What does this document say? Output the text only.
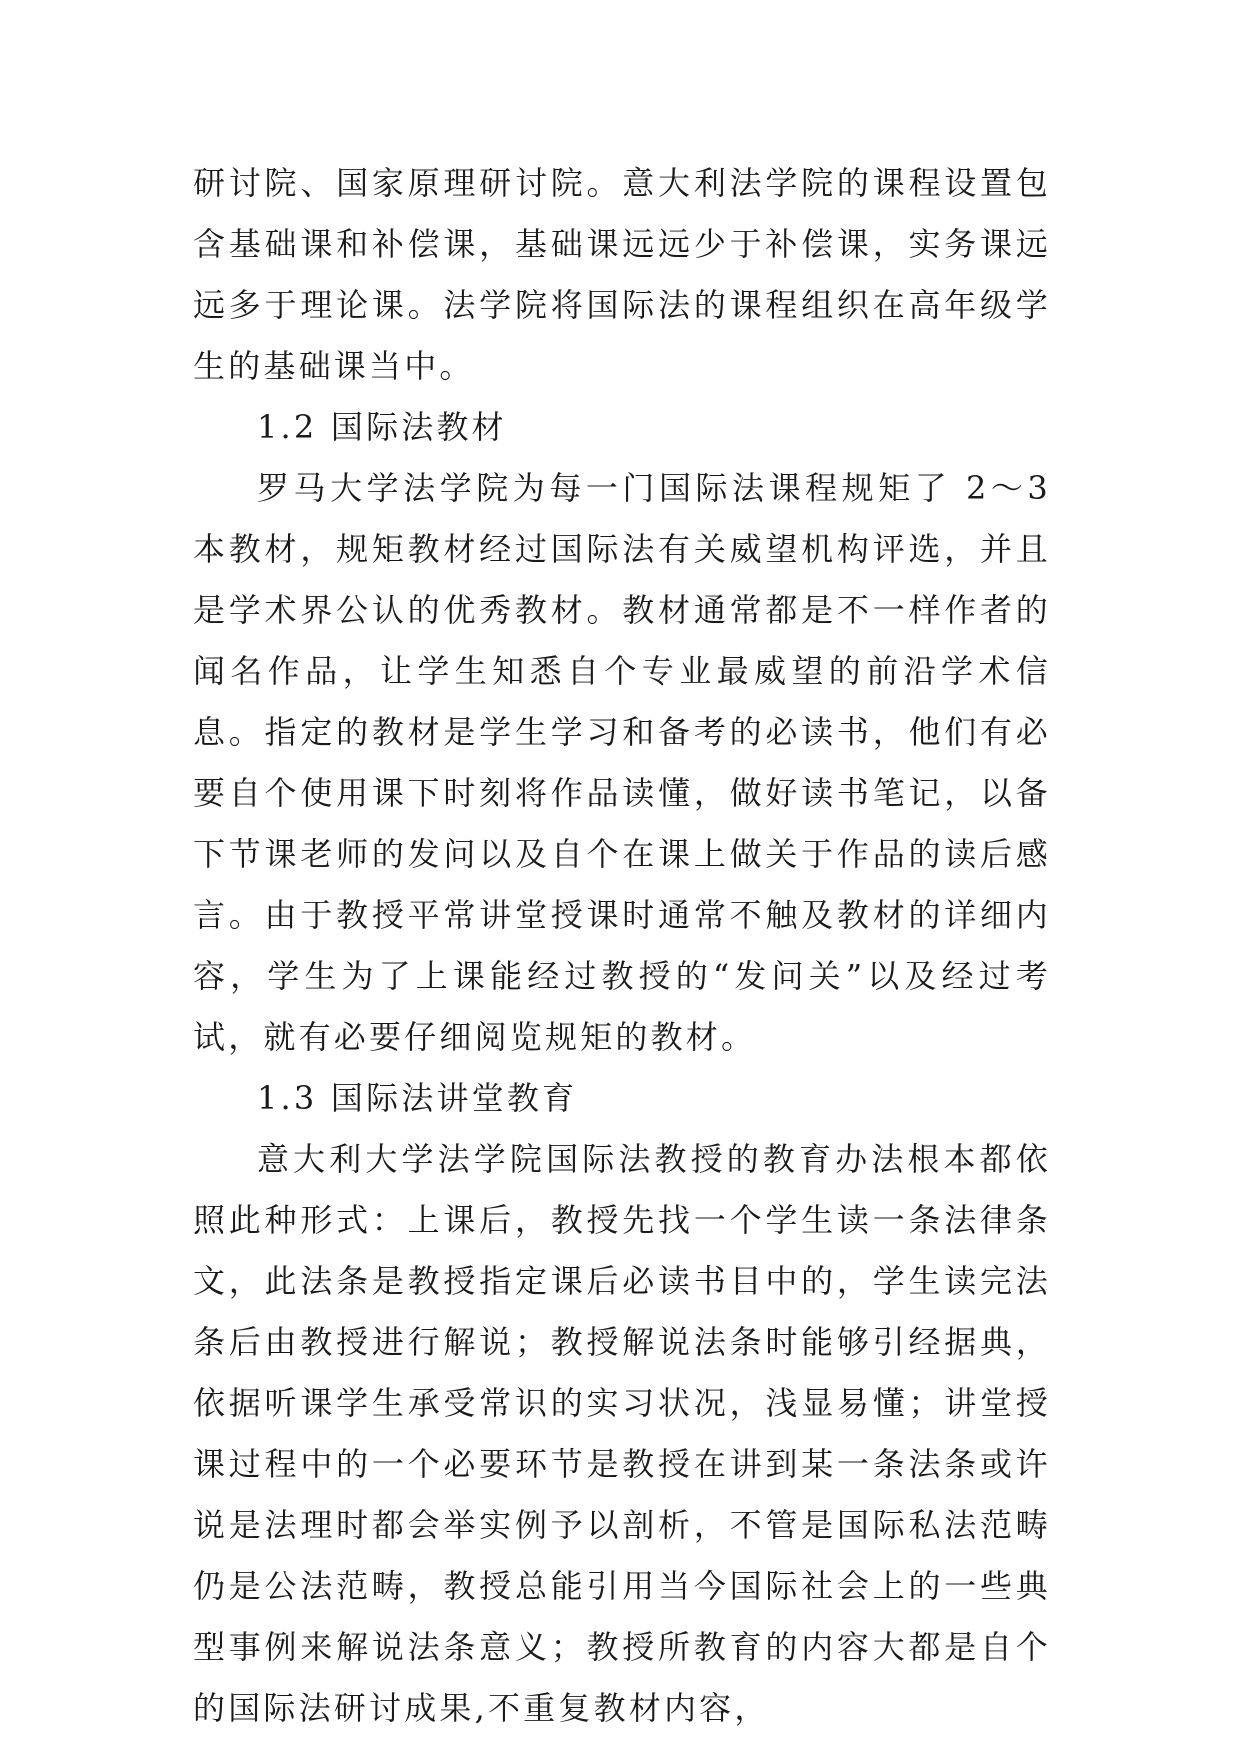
研讨院、国家原理研讨院。意大利法学院的课程设置包含基础课和补偿课，基础课远远少于补偿课，实务课远远多于理论课。法学院将国际法的课程组织在高年级学生的基础课当中。

1.2 国际法教材

罗马大学法学院为每一门国际法课程规矩了 2～3 本教材，规矩教材经过国际法有关威望机构评选，并且是学术界公认的优秀教材。教材通常都是不一样作者的闻名作品，让学生知悉自个专业最威望的前沿学术信息。指定的教材是学生学习和备考的必读书，他们有必要自个使用课下时刻将作品读懂，做好读书笔记，以备下节课老师的发问以及自个在课上做关于作品的读后感言。由于教授平常讲堂授课时通常不触及教材的详细内容，学生为了上课能经过教授的“发问关”以及经过考试，就有必要仔细阅览规矩的教材。

1.3 国际法讲堂教育

意大利大学法学院国际法教授的教育办法根本都依照此种形式：上课后，教授先找一个学生读一条法律条文，此法条是教授指定课后必读书目中的，学生读完法条后由教授进行解说；教授解说法条时能够引经据典，依据听课学生承受常识的实习状况，浅显易懂；讲堂授课过程中的一个必要环节是教授在讲到某一条法条或许说是法理时都会举实例予以剖析，不管是国际私法范畴仍是公法范畴，教授总能引用当今国际社会上的一些典型事例来解说法条意义；教授所教育的内容大都是自个的国际法研讨成果,不重复教材内容，
